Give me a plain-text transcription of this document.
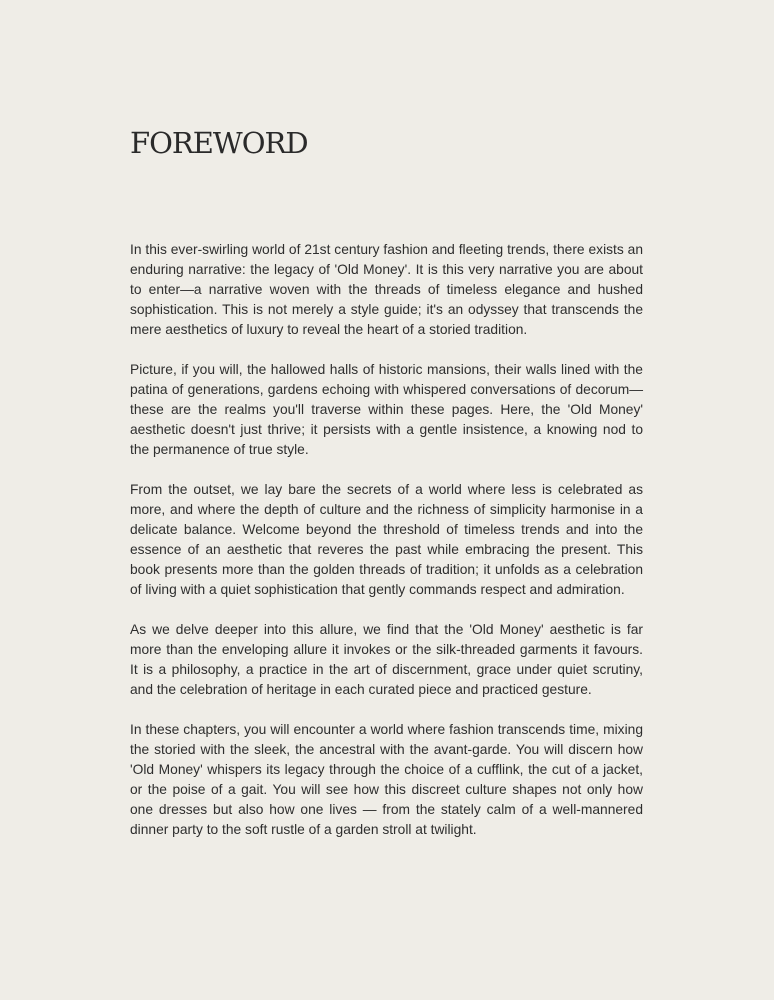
FOREWORD

In this ever-swirling world of 21st century fashion and fleeting trends, there exists an enduring narrative: the legacy of 'Old Money'. It is this very narrative you are about to enter—a narrative woven with the threads of timeless elegance and hushed sophistication. This is not merely a style guide; it's an odyssey that transcends the mere aesthetics of luxury to reveal the heart of a storied tradition.

Picture, if you will, the hallowed halls of historic mansions, their walls lined with the patina of generations, gardens echoing with whispered conversations of decorum—these are the realms you'll traverse within these pages. Here, the 'Old Money' aesthetic doesn't just thrive; it persists with a gentle insistence, a knowing nod to the permanence of true style.

From the outset, we lay bare the secrets of a world where less is celebrated as more, and where the depth of culture and the richness of simplicity harmonise in a delicate balance. Welcome beyond the threshold of timeless trends and into the essence of an aesthetic that reveres the past while embracing the present. This book presents more than the golden threads of tradition; it unfolds as a celebration of living with a quiet sophistication that gently commands respect and admiration.

As we delve deeper into this allure, we find that the 'Old Money' aesthetic is far more than the enveloping allure it invokes or the silk-threaded garments it favours. It is a philosophy, a practice in the art of discernment, grace under quiet scrutiny, and the celebration of heritage in each curated piece and practiced gesture.

In these chapters, you will encounter a world where fashion transcends time, mixing the storied with the sleek, the ancestral with the avant-garde. You will discern how 'Old Money' whispers its legacy through the choice of a cufflink, the cut of a jacket, or the poise of a gait. You will see how this discreet culture shapes not only how one dresses but also how one lives — from the stately calm of a well-mannered dinner party to the soft rustle of a garden stroll at twilight.
